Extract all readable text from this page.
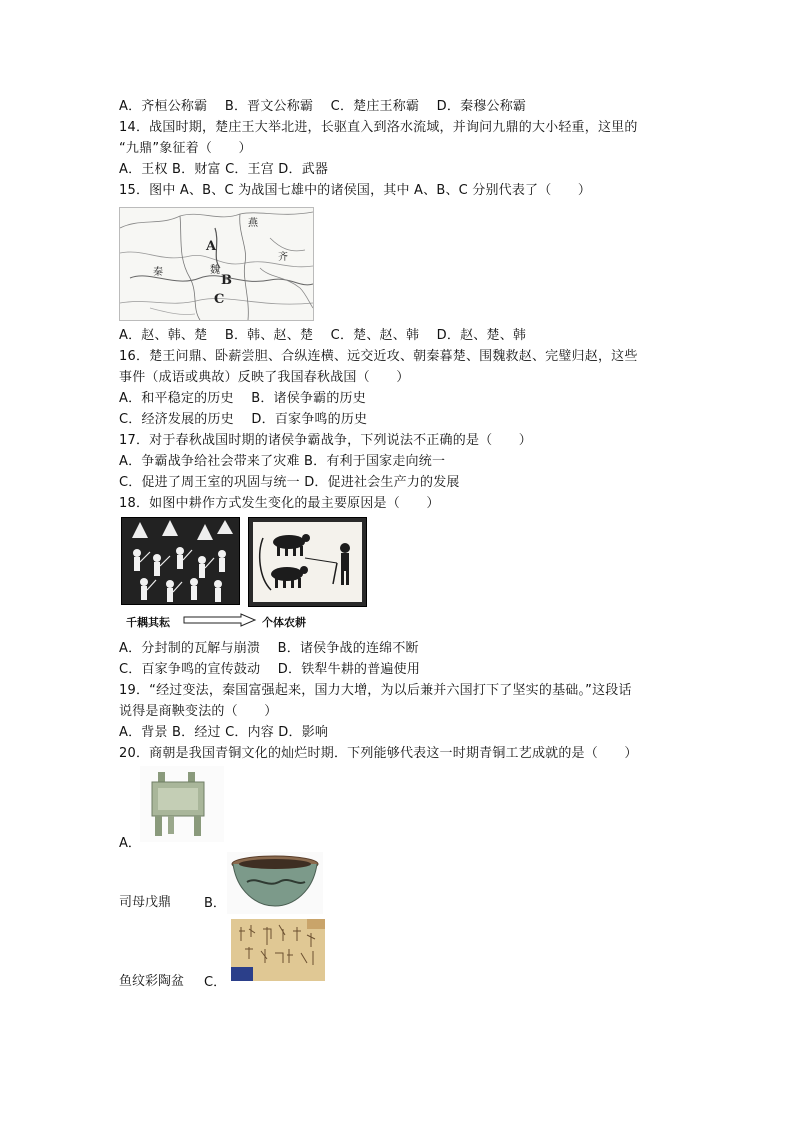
A．齐桓公称霸　 B．晋文公称霸　 C．楚庄王称霸　 D．秦穆公称霸
14．战国时期，楚庄王大举北进，长驱直入到洛水流域，并询问九鼎的大小轻重，这里的
“九鼎”象征着（　　）
A．王权 B．财富 C．王宫 D．武器
15．图中 A、B、C 为战国七雄中的诸侯国，其中 A、B、C 分别代表了（　　）
燕
齐
秦	魏
A
B
C
A．赵、韩、楚　 B．韩、赵、楚　 C．楚、赵、韩　 D．赵、楚、韩
16．楚王问鼎、卧薪尝胆、合纵连横、远交近攻、朝秦暮楚、围魏救赵、完璧归赵，这些
事件（成语或典故）反映了我国春秋战国（　　）
A．和平稳定的历史　 B．诸侯争霸的历史
C．经济发展的历史　 D．百家争鸣的历史
17．对于春秋战国时期的诸侯争霸战争，下列说法不正确的是（　　）
A．争霸战争给社会带来了灾难 B．有利于国家走向统一
C．促进了周王室的巩固与统一 D．促进社会生产力的发展
18．如图中耕作方式发生变化的最主要原因是（　　）
千耦其耘	个体农耕
A．分封制的瓦解与崩溃　 B．诸侯争战的连绵不断
C．百家争鸣的宣传鼓动　 D．铁犁牛耕的普遍使用
19．“经过变法，秦国富强起来，国力大增，为以后兼并六国打下了坚实的基础。”这段话
说得是商鞅变法的（　　）
A．背景 B．经过 C．内容 D．影响
20．商朝是我国青铜文化的灿烂时期．下列能够代表这一时期青铜工艺成就的是（　　）
A．
司母戊鼎	B．
鱼纹彩陶盆 C．
